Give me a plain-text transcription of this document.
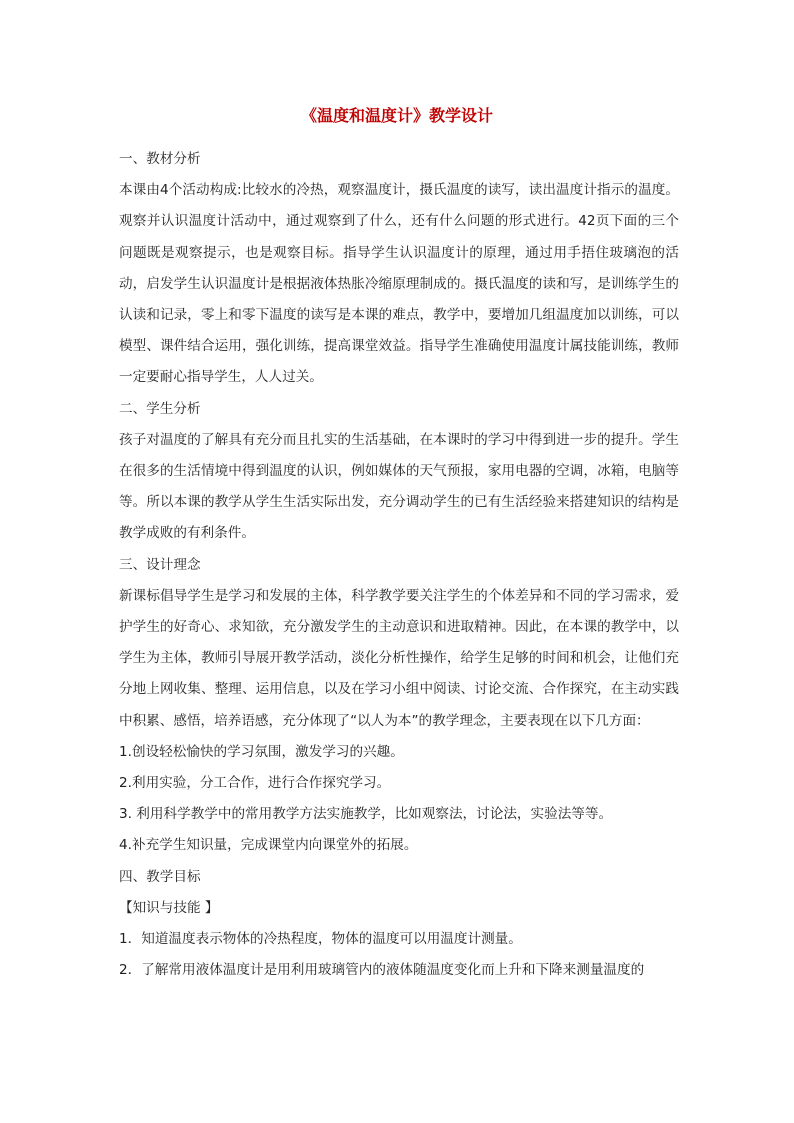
《温度和温度计》教学设计

一、教材分析

本课由4个活动构成:比较水的冷热，观察温度计，摄氏温度的读写，读出温度计指示的温度。观察并认识温度计活动中，通过观察到了什么，还有什么问题的形式进行。42页下面的三个问题既是观察提示，也是观察目标。指导学生认识温度计的原理，通过用手捂住玻璃泡的活动，启发学生认识温度计是根据液体热胀冷缩原理制成的。摄氏温度的读和写，是训练学生的认读和记录，零上和零下温度的读写是本课的难点，教学中，要增加几组温度加以训练，可以模型、课件结合运用，强化训练，提高课堂效益。指导学生准确使用温度计属技能训练，教师一定要耐心指导学生，人人过关。

二、学生分析

孩子对温度的了解具有充分而且扎实的生活基础，在本课时的学习中得到进一步的提升。学生在很多的生活情境中得到温度的认识，例如媒体的天气预报，家用电器的空调，冰箱，电脑等等。所以本课的教学从学生生活实际出发，充分调动学生的已有生活经验来搭建知识的结构是教学成败的有利条件。

三、设计理念

新课标倡导学生是学习和发展的主体，科学教学要关注学生的个体差异和不同的学习需求，爱护学生的好奇心、求知欲，充分激发学生的主动意识和进取精神。因此，在本课的教学中，以学生为主体，教师引导展开教学活动，淡化分析性操作，给学生足够的时间和机会，让他们充分地上网收集、整理、运用信息，以及在学习小组中阅读、讨论交流、合作探究，在主动实践中积累、感悟，培养语感，充分体现了“以人为本”的教学理念，主要表现在以下几方面：

1.创设轻松愉快的学习氛围，激发学习的兴趣。

2.利用实验，分工合作，进行合作探究学习。

3. 利用科学教学中的常用教学方法实施教学，比如观察法，讨论法，实验法等等。

4.补充学生知识量，完成课堂内向课堂外的拓展。

四、教学目标

【知识与技能 】

1．知道温度表示物体的冷热程度，物体的温度可以用温度计测量。

2．了解常用液体温度计是用利用玻璃管内的液体随温度变化而上升和下降来测量温度的
